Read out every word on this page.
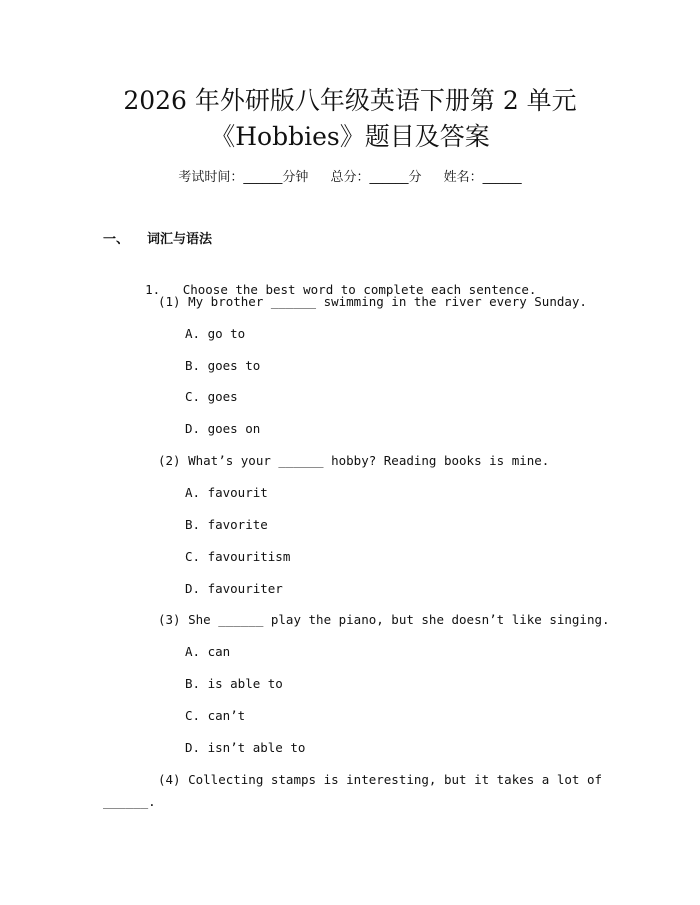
2026 年外研版八年级英语下册第 2 单元
《Hobbies》题目及答案
考试时间：______分钟 总分：______分 姓名：______
一、 词汇与语法

1. Choose the best word to complete each sentence.

(1) My brother ______ swimming in the river every Sunday.
A. go to
B. goes to
C. goes
D. goes on
(2) What’s your ______ hobby? Reading books is mine.
A. favourit
B. favorite
C. favouritism
D. favouriter
(3) She ______ play the piano, but she doesn’t like singing.
A. can
B. is able to
C. can’t
D. isn’t able to
(4) Collecting stamps is interesting, but it takes a lot of
______.
